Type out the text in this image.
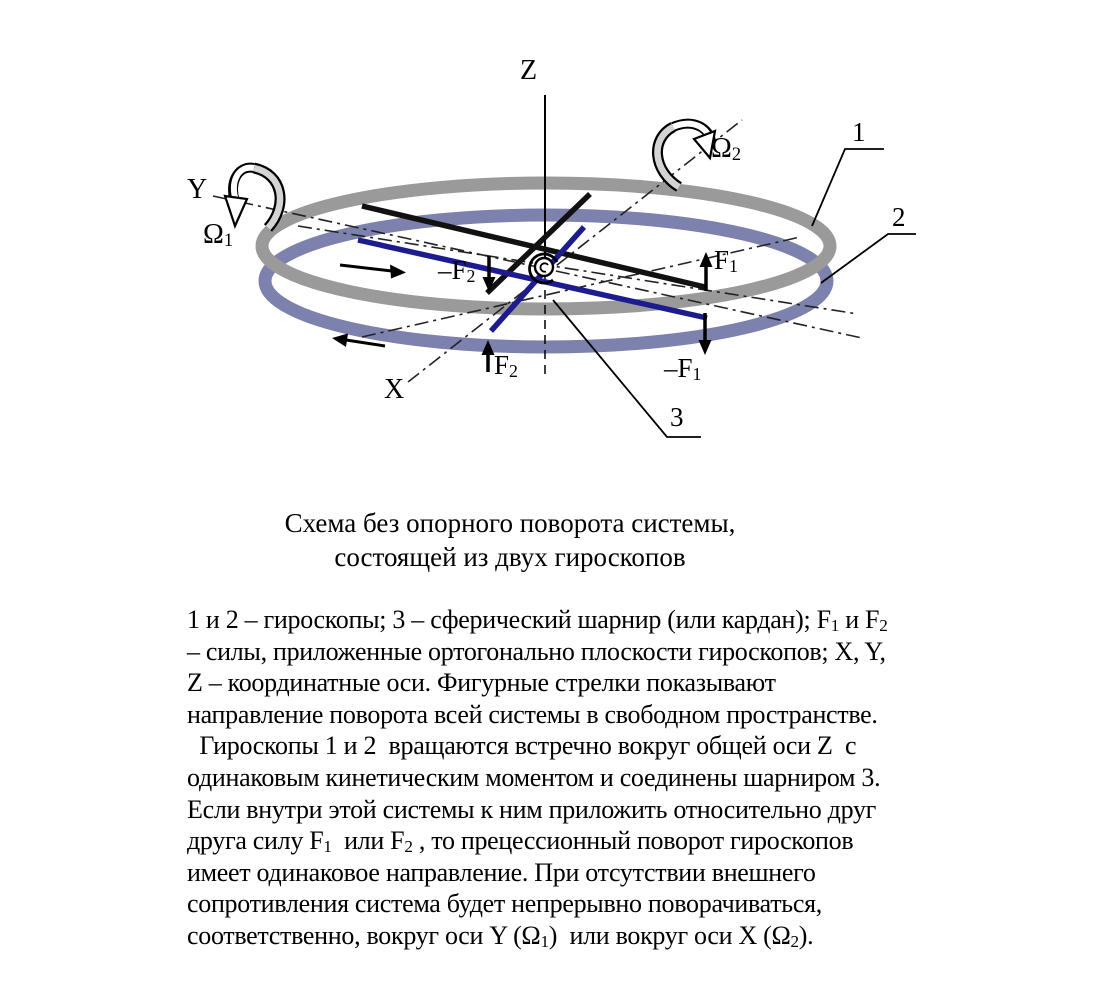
Z
Y
X
$\Omega_1$
$\Omega_2$
$F_1$
$-F_1$
$F_2$
$-F_2$
1
2
3
Схема без опорного поворота системы,
состоящей из двух гироскопов
1 и 2 – гироскопы; 3 – сферический шарнир (или кардан); $F_1$ и $F_2$
– силы, приложенные ортогонально плоскости гироскопов; X, Y,
Z – координатные оси. Фигурные стрелки показывают
направление поворота всей системы в свободном пространстве.
Гироскопы 1 и 2  вращаются встречно вокруг общей оси Z  с
одинаковым кинетическим моментом и соединены шарниром 3.
Если внутри этой системы к ним приложить относительно друг
друга силу $F_1$  или $F_2$ , то прецессионный поворот гироскопов
имеет одинаковое направление. При отсутствии внешнего
сопротивления система будет непрерывно поворачиваться,
соответственно, вокруг оси Y $(\Omega_1)$  или вокруг оси X $(\Omega_2)$.
